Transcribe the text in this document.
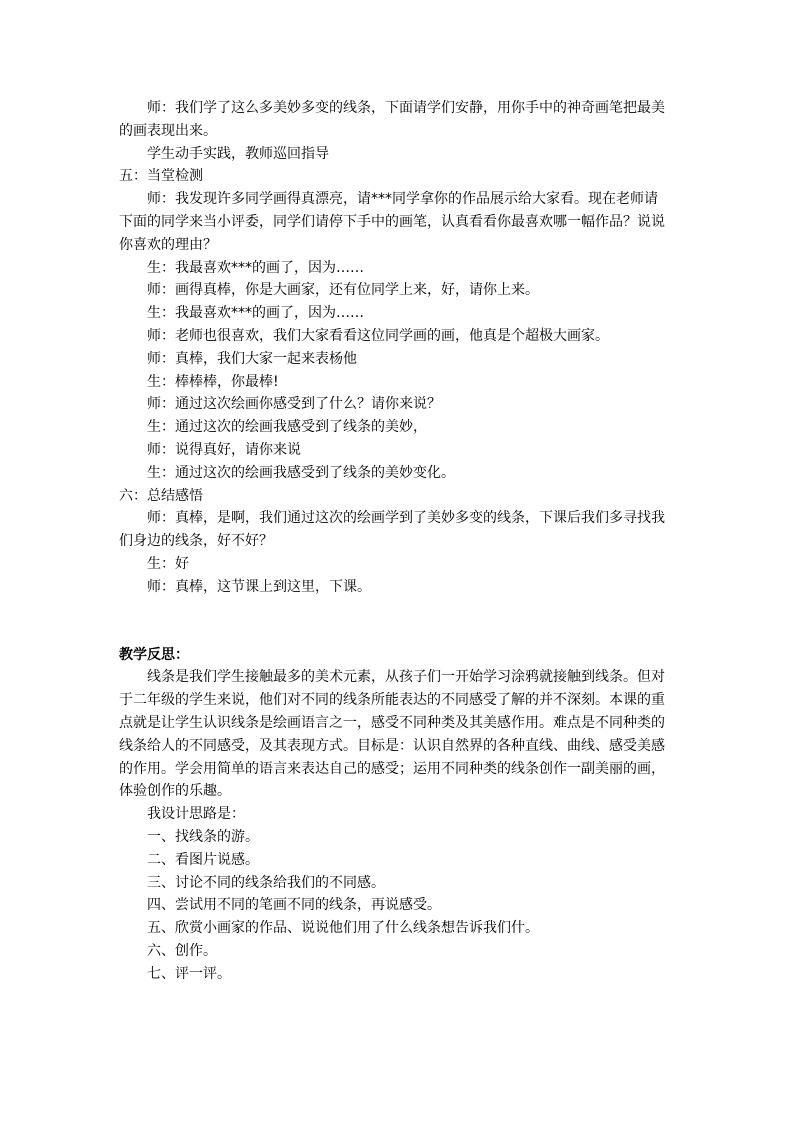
师：我们学了这么多美妙多变的线条，下面请学们安静，用你手中的神奇画笔把最美的画表现出来。

学生动手实践，教师巡回指导

五：当堂检测

师：我发现许多同学画得真漂亮，请***同学拿你的作品展示给大家看。现在老师请下面的同学来当小评委，同学们请停下手中的画笔，认真看看你最喜欢哪一幅作品？说说你喜欢的理由？

生：我最喜欢***的画了，因为……

师：画得真棒，你是大画家，还有位同学上来，好，请你上来。

生：我最喜欢***的画了，因为……

师：老师也很喜欢，我们大家看看这位同学画的画，他真是个超极大画家。

师：真棒，我们大家一起来表杨他

生：棒棒棒，你最棒!

师：通过这次绘画你感受到了什么？请你来说？

生：通过这次的绘画我感受到了线条的美妙，

师：说得真好，请你来说

生：通过这次的绘画我感受到了线条的美妙变化。

六：总结感悟

师：真棒，是啊，我们通过这次的绘画学到了美妙多变的线条，下课后我们多寻找我们身边的线条，好不好？

生：好

师：真棒，这节课上到这里，下课。

教学反思：

线条是我们学生接触最多的美术元素，从孩子们一开始学习涂鸦就接触到线条。但对于二年级的学生来说，他们对不同的线条所能表达的不同感受了解的并不深刻。本课的重点就是让学生认识线条是绘画语言之一，感受不同种类及其美感作用。难点是不同种类的线条给人的不同感受，及其表现方式。目标是：认识自然界的各种直线、曲线、感受美感的作用。学会用简单的语言来表达自己的感受；运用不同种类的线条创作一副美丽的画，体验创作的乐趣。

我设计思路是：

一、找线条的游。

二、看图片说感。

三、讨论不同的线条给我们的不同感。

四、尝试用不同的笔画不同的线条，再说感受。

五、欣赏小画家的作品、说说他们用了什么线条想告诉我们什。

六、创作。

七、评一评。
